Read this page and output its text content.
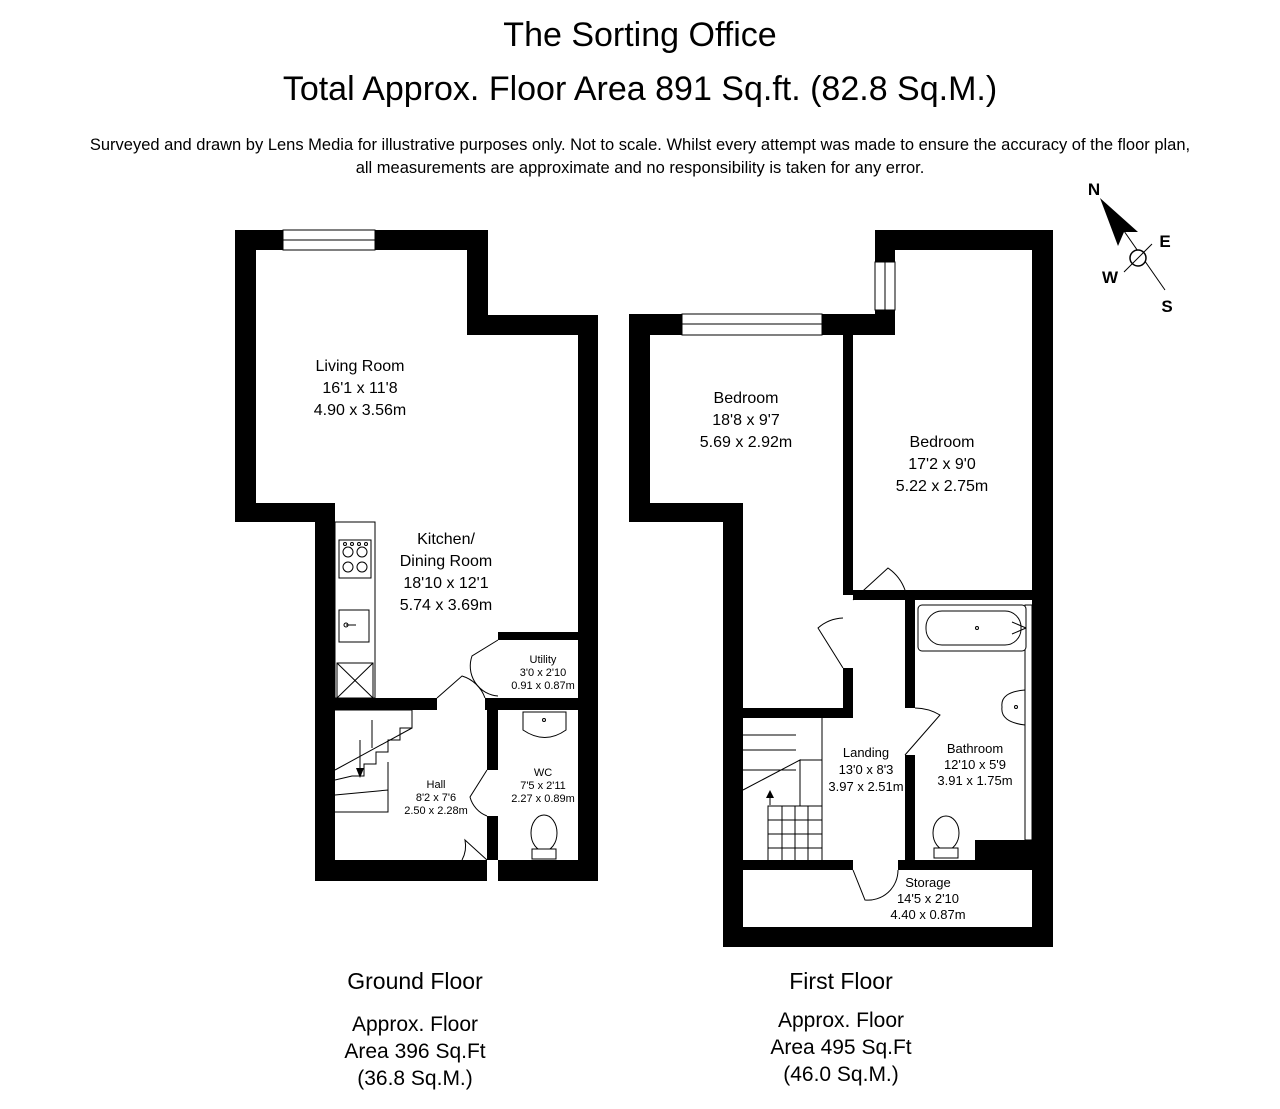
The Sorting Office
Total Approx. Floor Area 891 Sq.ft. (82.8 Sq.M.)
Surveyed and drawn by Lens Media for illustrative purposes only. Not to scale. Whilst every attempt was made to ensure the accuracy of the floor plan,
all measurements are approximate and no responsibility is taken for any error.
Living Room
16'1 x 11'8
4.90 x 3.56m
Kitchen/
Dining Room
18'10 x 12'1
5.74 x 3.69m
Utility
3'0 x 2'10
0.91 x 0.87m
WC
7'5 x 2'11
2.27 x 0.89m
Hall
8'2 x 7'6
2.50 x 2.28m
Bedroom
18'8 x 9'7
5.69 x 2.92m	Bedroom
17'2 x 9'0
5.22 x 2.75m
Landing
13'0 x 8'3
3.97 x 2.51m
Bathroom
12'10 x 5'9
3.91 x 1.75m
Storage
14'5 x 2'10
4.40 x 0.87m
N
E
W
S
Ground Floor
Approx. Floor
Area 396 Sq.Ft
(36.8 Sq.M.)
First Floor
Approx. Floor
Area 495 Sq.Ft
(46.0 Sq.M.)
